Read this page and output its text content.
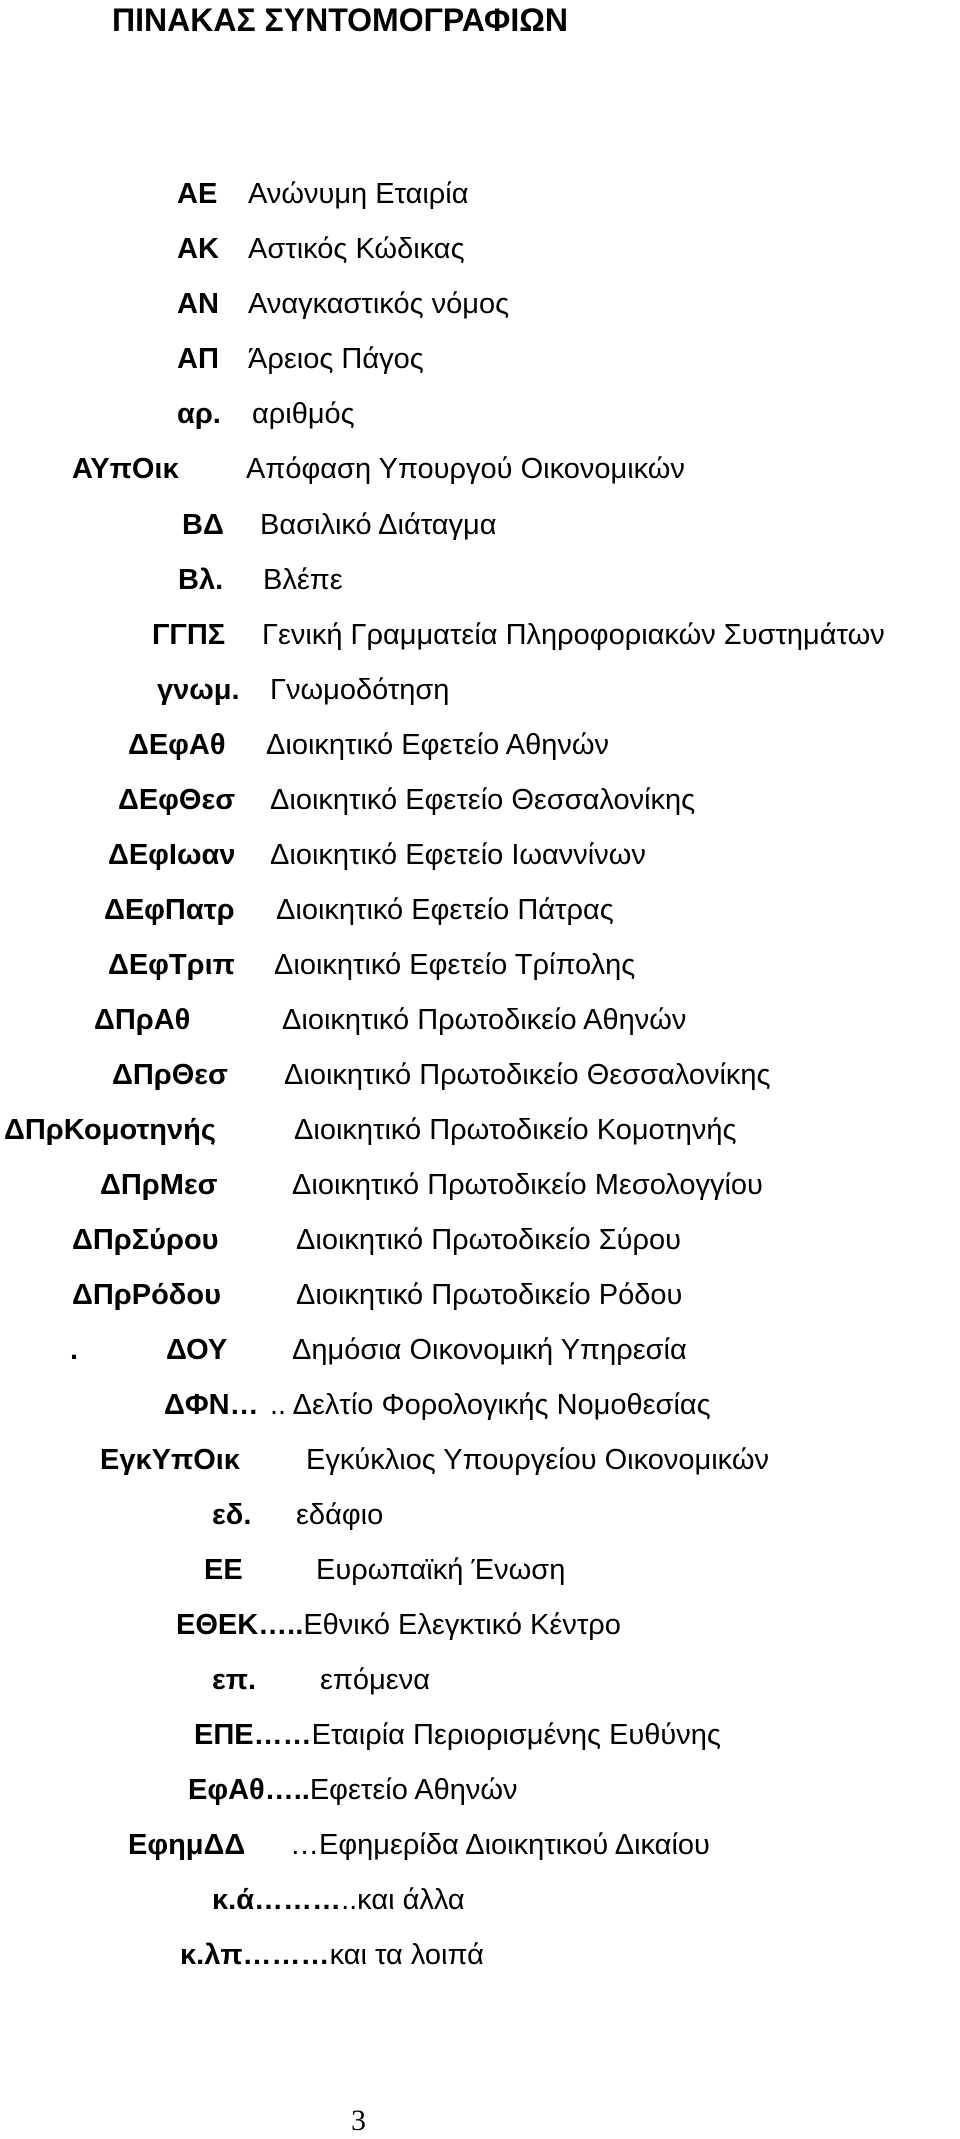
ΠΙΝΑΚΑΣ ΣΥΝΤΟΜΟΓΡΑΦΙΩΝ
ΑΕ Ανώνυμη Εταιρία
ΑΚ Αστικός Κώδικας
ΑΝ Αναγκαστικός νόμος
ΑΠ Άρειος Πάγος
αρ. αριθμός
ΑΥπΟικ Απόφαση Υπουργού Οικονομικών
ΒΔ Βασιλικό Διάταγμα
Βλ. Βλέπε
ΓΓΠΣ Γενική Γραμματεία Πληροφοριακών Συστημάτων
γνωμ. Γνωμοδότηση
ΔΕφΑθ Διοικητικό Εφετείο Αθηνών
ΔΕφΘεσ Διοικητικό Εφετείο Θεσσαλονίκης
ΔΕφΙωαν Διοικητικό Εφετείο Ιωαννίνων
ΔΕφΠατρ Διοικητικό Εφετείο Πάτρας
ΔΕφΤριπ Διοικητικό Εφετείο Τρίπολης
ΔΠρΑθ	Διοικητικό Πρωτοδικείο Αθηνών
ΔΠρΘεσ Διοικητικό Πρωτοδικείο Θεσσαλονίκης
ΔΠρΚομοτηνής	Διοικητικό Πρωτοδικείο Κομοτηνής
ΔΠρΜεσ	Διοικητικό Πρωτοδικείο Μεσολογγίου
ΔΠρΣύρου	Διοικητικό Πρωτοδικείο Σύρου
ΔΠρΡόδου	Διοικητικό Πρωτοδικείο Ρόδου
.	ΔΟΥ Δημόσια Οικονομική Υπηρεσία
ΔΦΝ… .. Δελτίο Φορολογικής Νομοθεσίας
ΕγκΥπΟικ Εγκύκλιος Υπουργείου Οικονομικών
εδ. εδάφιο
ΕΕ	Ευρωπαϊκή Ένωση
ΕΘΕΚ…..Εθνικό Ελεγκτικό Κέντρο
επ. επόμενα
ΕΠΕ……Εταιρία Περιορισμένης Ευθύνης
ΕφΑθ…..Εφετείο Αθηνών
ΕφημΔΔ …Εφημερίδα Διοικητικού Δικαίου
κ.ά………..και άλλα
κ.λπ………και τα λοιπά
3
